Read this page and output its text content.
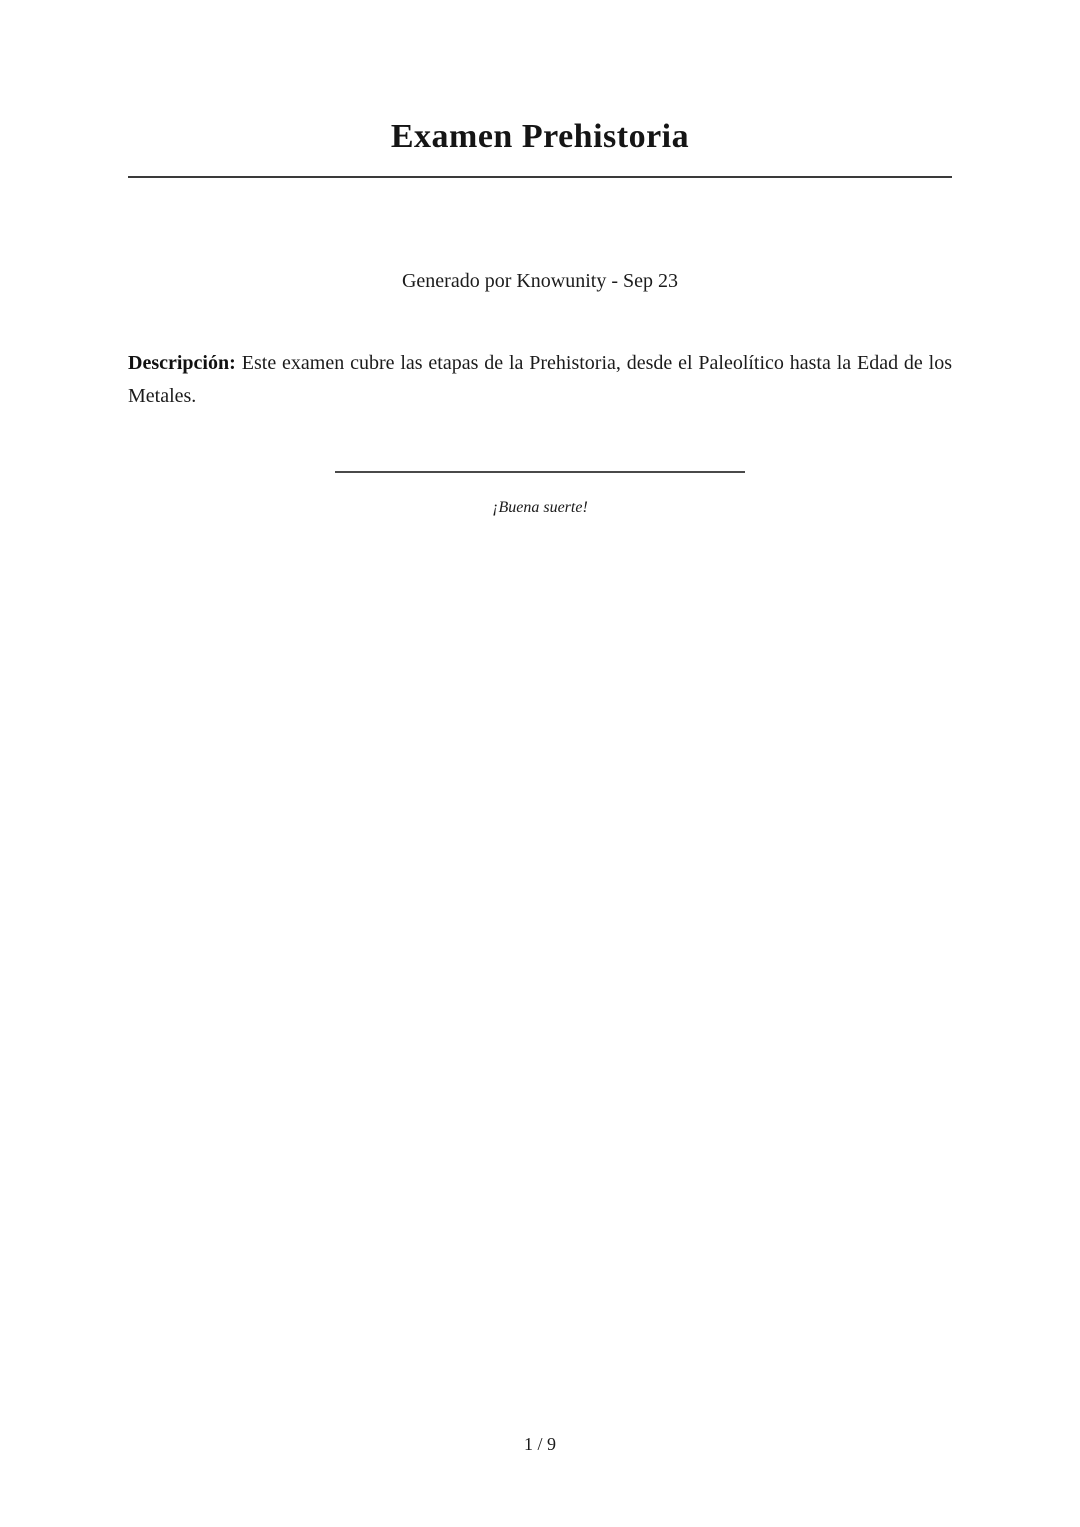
Examen Prehistoria

Generado por Knowunity - Sep 23

Descripción: Este examen cubre las etapas de la Prehistoria, desde el Paleolítico hasta la Edad de los Metales.

¡Buena suerte!

1 / 9
